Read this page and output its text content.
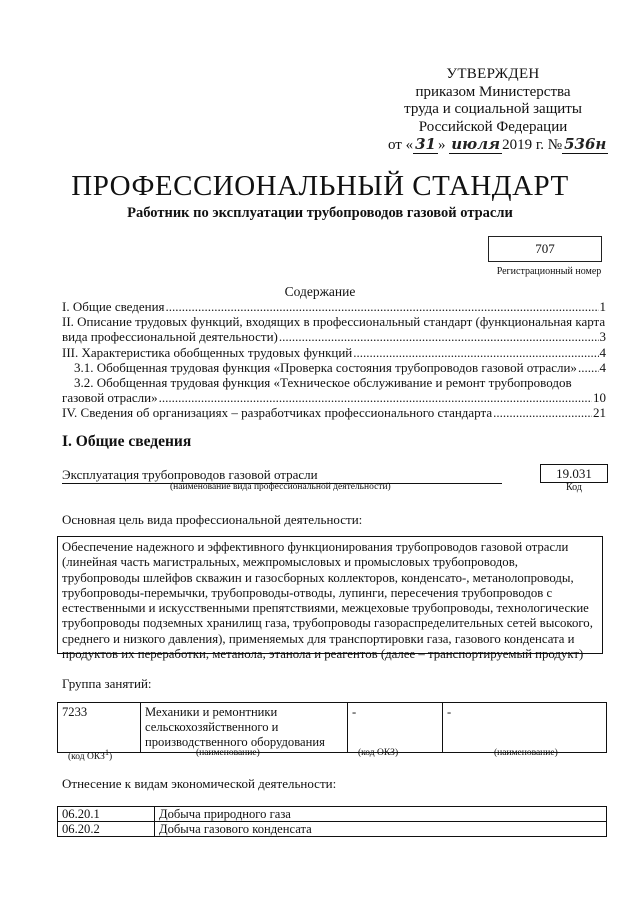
УТВЕРЖДЕН
приказом Министерства
труда и социальной защиты
Российской Федерации
от « 31 » июля 2019 г. № 536н
ПРОФЕССИОНАЛЬНЫЙ СТАНДАРТ
Работник по эксплуатации трубопроводов газовой отрасли
707
Регистрационный номер
Содержание
I. Общие сведения .....	1
II. Описание трудовых функций, входящих в профессиональный стандарт (функциональная карта
вида профессиональной деятельности) .....	3
III. Характеристика обобщенных трудовых функций .....	4
3.1. Обобщенная трудовая функция «Проверка состояния трубопроводов газовой отрасли» ..... 4
3.2. Обобщенная трудовая функция «Техническое обслуживание и ремонт трубопроводов
газовой отрасли» .....	10
IV. Сведения об организациях – разработчиках профессионального стандарта .....	21
I. Общие сведения
Эксплуатация трубопроводов газовой отрасли
(наименование вида профессиональной деятельности)
19.031
Код
Основная цель вида профессиональной деятельности:
Обеспечение надежного и эффективного функционирования трубопроводов газовой отрасли (линейная часть магистральных, межпромысловых и промысловых трубопроводов, трубопроводы шлейфов скважин и газосборных коллекторов, конденсато-, метанолопроводы, трубопроводы-перемычки, трубопроводы-отводы, лупинги, пересечения трубопроводов с естественными и искусственными препятствиями, межцеховые трубопроводы, технологические трубопроводы подземных хранилищ газа, трубопроводы газораспределительных сетей высокого, среднего и низкого давления), применяемых для транспортировки газа, газового конденсата и продуктов их переработки, метанола, этанола и реагентов (далее – транспортируемый продукт)
Группа занятий:
7233	Механики и ремонтники сельскохозяйственного и производственного оборудования	-	-
(код ОКЗ$^1$)	(наименование)	(код ОКЗ)	(наименование)
Отнесение к видам экономической деятельности:
06.20.1	Добыча природного газа
06.20.2	Добыча газового конденсата
